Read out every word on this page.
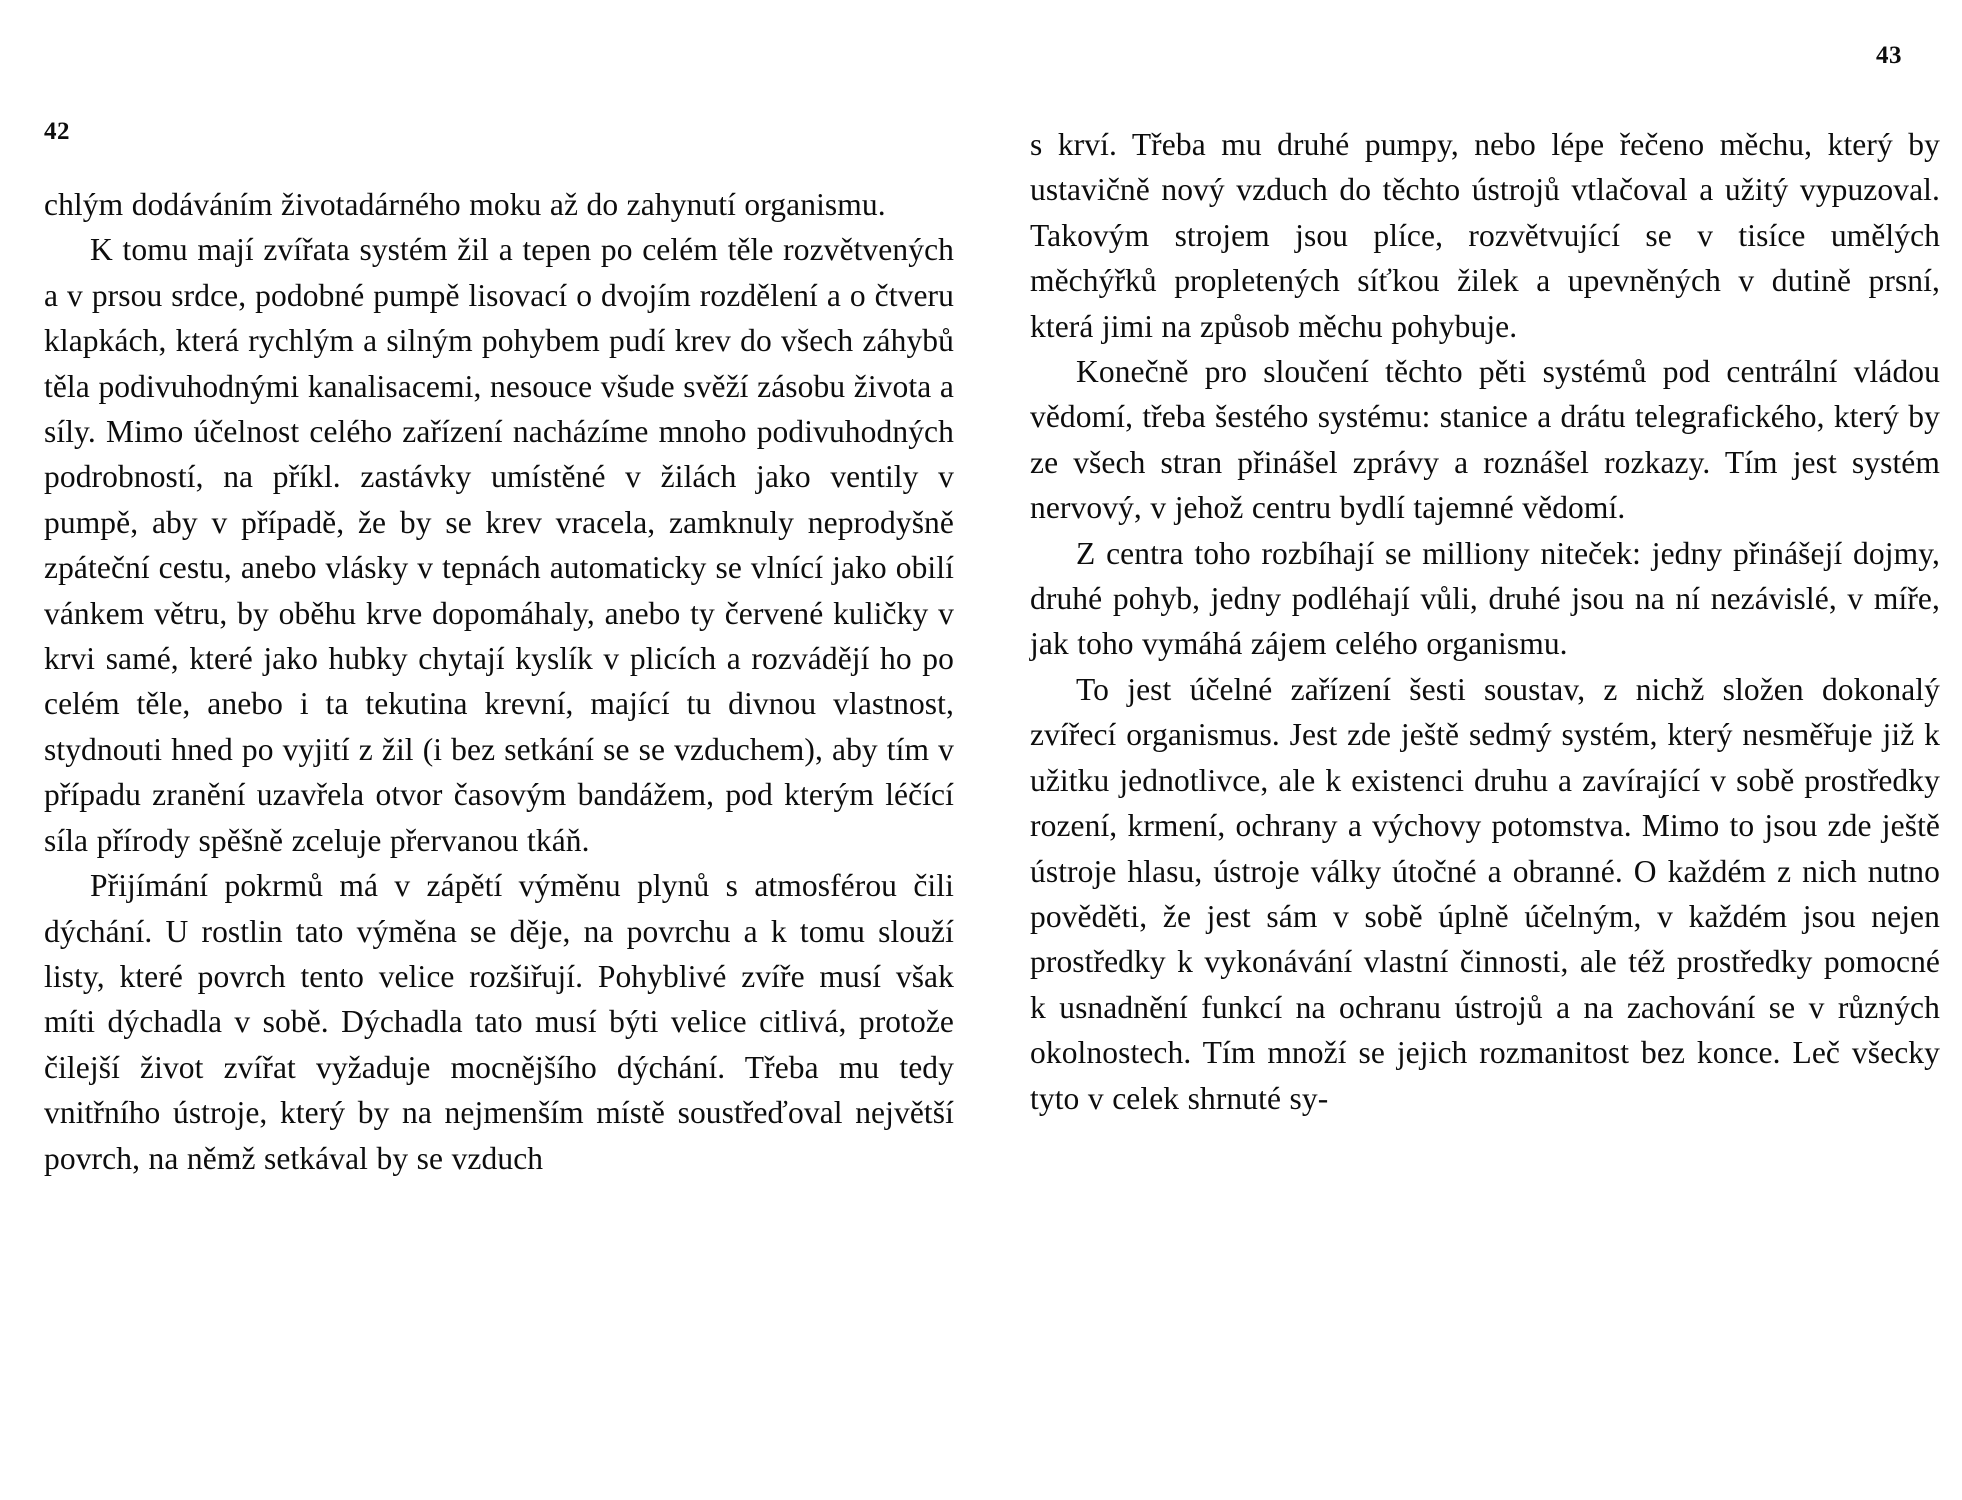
42
43

chlým dodáváním životadárného moku až do zahynutí organismu.

K tomu mají zvířata systém žil a tepen po celém těle rozvětvených a v prsou srdce, podobné pumpě lisovací o dvojím rozdělení a o čtveru klapkách, která rychlým a silným pohybem pudí krev do všech záhybů těla podivuhodnými kanalisacemi, nesouce všude svěží zásobu života a síly. Mimo účelnost celého zařízení nacházíme mnoho podivuhodných podrobností, na příkl. zastávky umístěné v žilách jako ventily v pumpě, aby v případě, že by se krev vracela, zamknuly neprodyšně zpáteční cestu, anebo vlásky v tepnách automaticky se vlnící jako obilí vánkem větru, by oběhu krve dopomáhaly, anebo ty červené kuličky v krvi samé, které jako hubky chytají kyslík v plicích a rozvádějí ho po celém těle, anebo i ta tekutina krevní, mající tu divnou vlastnost, stydnouti hned po vyjití z žil (i bez setkání se se vzduchem), aby tím v případu zranění uzavřela otvor časovým bandážem, pod kterým léčící síla přírody spěšně zceluje přervanou tkáň.

Přijímání pokrmů má v zápětí výměnu plynů s atmosférou čili dýchání. U rostlin tato výměna se děje, na povrchu a k tomu slouží listy, které povrch tento velice rozšiřují. Pohyblivé zvíře musí však míti dýchadla v sobě. Dýchadla tato musí býti velice citlivá, protože čilejší život zvířat vyžaduje mocnějšího dýchání. Třeba mu tedy vnitřního ústroje, který by na nejmenším místě soustřeďoval největší povrch, na němž setkával by se vzduch

s krví. Třeba mu druhé pumpy, nebo lépe řečeno měchu, který by ustavičně nový vzduch do těchto ústrojů vtlačoval a užitý vypuzoval. Takovým strojem jsou plíce, rozvětvující se v tisíce umělých měchýřků propletených síťkou žilek a upevněných v dutině prsní, která jimi na způsob měchu pohybuje.

Konečně pro sloučení těchto pěti systémů pod centrální vládou vědomí, třeba šestého systému: stanice a drátu telegrafického, který by ze všech stran přinášel zprávy a roznášel rozkazy. Tím jest systém nervový, v jehož centru bydlí tajemné vědomí.

Z centra toho rozbíhají se milliony niteček: jedny přinášejí dojmy, druhé pohyb, jedny podléhají vůli, druhé jsou na ní nezávislé, v míře, jak toho vymáhá zájem celého organismu.

To jest účelné zařízení šesti soustav, z nichž složen dokonalý zvířecí organismus. Jest zde ještě sedmý systém, který nesměřuje již k užitku jednotlivce, ale k existenci druhu a zavírající v sobě prostředky rození, krmení, ochrany a výchovy potomstva. Mimo to jsou zde ještě ústroje hlasu, ústroje války útočné a obranné. O každém z nich nutno pověděti, že jest sám v sobě úplně účelným, v každém jsou nejen prostředky k vykonávání vlastní činnosti, ale též prostředky pomocné k usnadnění funkcí na ochranu ústrojů a na zachování se v různých okolnostech. Tím množí se jejich rozmanitost bez konce. Leč všecky tyto v celek shrnuté sy-
